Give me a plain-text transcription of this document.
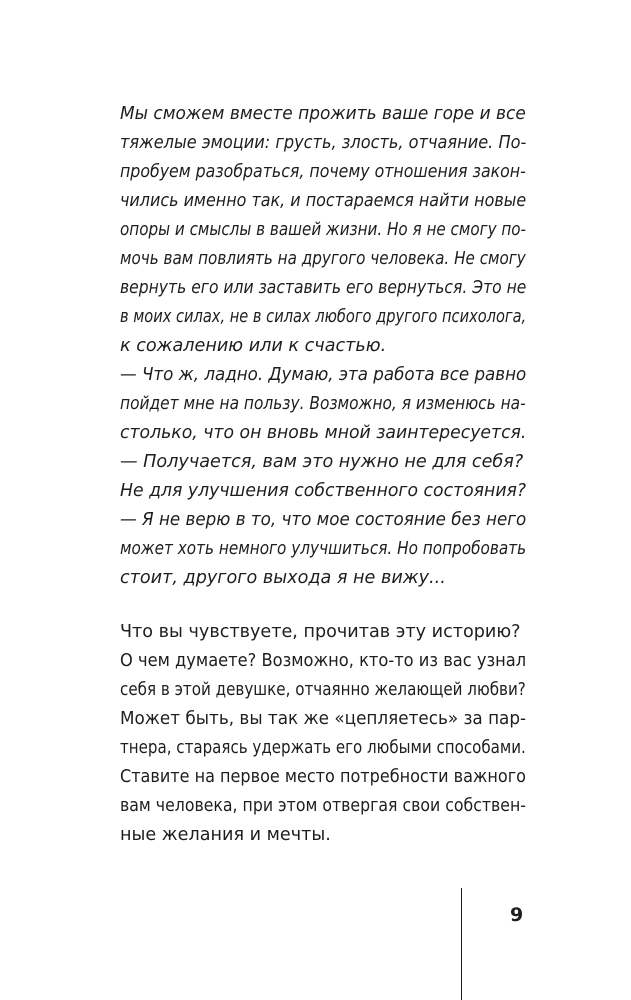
Мы сможем вместе прожить ваше горе и все
тяжелые эмоции: грусть, злость, отчаяние. По-
пробуем разобраться, почему отношения закон-
чились именно так, и постараемся найти новые
опоры и смыслы в вашей жизни. Но я не смогу по-
мочь вам повлиять на другого человека. Не смогу
вернуть его или заставить его вернуться. Это не
в моих силах, не в силах любого другого психолога,
к сожалению или к счастью.
— Что ж, ладно. Думаю, эта работа все равно
пойдет мне на пользу. Возможно, я изменюсь на-
столько, что он вновь мной заинтересуется.
— Получается, вам это нужно не для себя?
Не для улучшения собственного состояния?
— Я не верю в то, что мое состояние без него
может хоть немного улучшиться. Но попробовать
стоит, другого выхода я не вижу...
Что вы чувствуете, прочитав эту историю?
О чем думаете? Возможно, кто-то из вас узнал
себя в этой девушке, отчаянно желающей любви?
Может быть, вы так же «цепляетесь» за пар-
тнера, стараясь удержать его любыми способами.
Ставите на первое место потребности важного
вам человека, при этом отвергая свои собствен-
ные желания и мечты.
9
